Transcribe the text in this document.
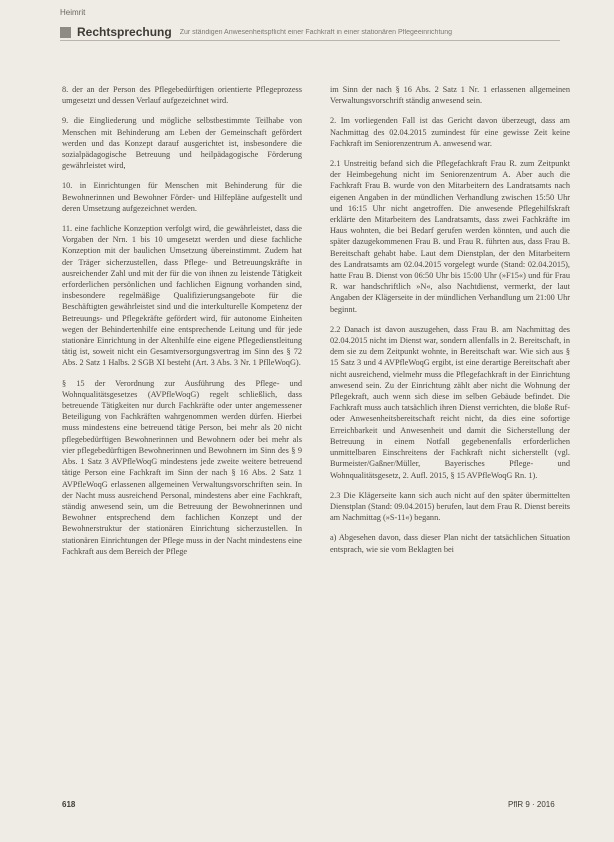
Heimrit
Rechtsprechung Zur ständigen Anwesenheitspflicht einer Fachkraft in einer stationären Pflegeeinrichtung

8. der an der Person des Pflegebedürftigen orientierte Pflegeprozess umgesetzt und dessen Verlauf aufgezeichnet wird.

9. die Eingliederung und mögliche selbstbestimmte Teilhabe von Menschen mit Behinderung am Leben der Gemeinschaft gefördert werden und das Konzept darauf ausgerichtet ist, insbesondere die sozialpädagogische Betreuung und heilpädagogische Förderung gewährleistet wird,

10. in Einrichtungen für Menschen mit Behinderung für die Bewohnerinnen und Bewohner Förder- und Hilfepläne aufgestellt und deren Umsetzung aufgezeichnet werden.

11. eine fachliche Konzeption verfolgt wird, die gewährleistet, dass die Vorgaben der Nrn. 1 bis 10 umgesetzt werden und diese fachliche Konzeption mit der baulichen Umsetzung übereinstimmt. Zudem hat der Träger sicherzustellen, dass Pflege- und Betreuungskräfte in ausreichender Zahl und mit der für die von ihnen zu leistende Tätigkeit erforderlichen persönlichen und fachlichen Eignung vorhanden sind, insbesondere regelmäßige Qualifizierungsangebote für die Beschäftigten gewährleistet sind und die interkulturelle Kompetenz der Betreuungs- und Pflegekräfte gefördert wird, für autonome Einheiten wegen der Behindertenhilfe eine entsprechende Leitung und für jede stationäre Einrichtung in der Altenhilfe eine eigene Pflegedienstleitung tätig ist, soweit nicht ein Gesamtversorgungsvertrag im Sinn des § 72 Abs. 2 Satz 1 Halbs. 2 SGB XI besteht (Art. 3 Abs. 3 Nr. 1 PflleWoqG).

§ 15 der Verordnung zur Ausführung des Pflege- und Wohnqualitätsgesetzes (AVPfleWoqG) regelt schließlich, dass betreuende Tätigkeiten nur durch Fachkräfte oder unter angemessener Beteiligung von Fachkräften wahrgenommen werden dürfen. Hierbei muss mindestens eine betreuend tätige Person, bei mehr als 20 nicht pflegebedürftigen Bewohnerinnen und Bewohnern oder bei mehr als vier pflegebedürftigen Bewohnerinnen und Bewohnern im Sinn des § 9 Abs. 1 Satz 3 AVPfleWoqG mindestens jede zweite weitere betreuend tätige Person eine Fachkraft im Sinn der nach § 16 Abs. 2 Satz 1 AVPfleWoqG erlassenen allgemeinen Verwaltungsvorschriften sein. In der Nacht muss ausreichend Personal, mindestens aber eine Fachkraft, ständig anwesend sein, um die Betreuung der Bewohnerinnen und Bewohner entsprechend dem fachlichen Konzept und der Bewohnerstruktur der stationären Einrichtung sicherzustellen. In stationären Einrichtungen der Pflege muss in der Nacht mindestens eine Fachkraft aus dem Bereich der Pflege

im Sinn der nach § 16 Abs. 2 Satz 1 Nr. 1 erlassenen allgemeinen Verwaltungsvorschrift ständig anwesend sein.

2. Im vorliegenden Fall ist das Gericht davon überzeugt, dass am Nachmittag des 02.04.2015 zumindest für eine gewisse Zeit keine Fachkraft im Seniorenzentrum A. anwesend war.

2.1 Unstreitig befand sich die Pflegefachkraft Frau R. zum Zeitpunkt der Heimbegehung nicht im Seniorenzentrum A. Aber auch die Fachkraft Frau B. wurde von den Mitarbeitern des Landratsamts nach eigenen Angaben in der mündlichen Verhandlung zwischen 15:50 Uhr und 16:15 Uhr nicht angetroffen. Die anwesende Pflegehilfskraft erklärte den Mitarbeitern des Landratsamts, dass zwei Fachkräfte im Haus wohnten, die bei Bedarf gerufen werden könnten, und auch die später dazugekommenen Frau B. und Frau R. führten aus, dass Frau B. Bereitschaft gehabt habe. Laut dem Dienstplan, der den Mitarbeitern des Landratsamts am 02.04.2015 vorgelegt wurde (Stand: 02.04.2015), hatte Frau B. Dienst von 06:50 Uhr bis 15:00 Uhr (»F15«) und für Frau R. war handschriftlich »N«, also Nachtdienst, vermerkt, der laut Angaben der Klägerseite in der mündlichen Verhandlung um 21:00 Uhr beginnt.

2.2 Danach ist davon auszugehen, dass Frau B. am Nachmittag des 02.04.2015 nicht im Dienst war, sondern allenfalls in 2. Bereitschaft, in dem sie zu dem Zeitpunkt wohnte, in Bereitschaft war. Wie sich aus § 15 Satz 3 und 4 AVPfleWoqG ergibt, ist eine derartige Bereitschaft aber nicht ausreichend, vielmehr muss die Pflegefachkraft in der Einrichtung anwesend sein. Zu der Einrichtung zählt aber nicht die Wohnung der Pflegekraft, auch wenn sich diese im selben Gebäude befindet. Die Fachkraft muss auch tatsächlich ihren Dienst verrichten, die bloße Ruf- oder Anwesenheitsbereitschaft reicht nicht, da dies eine sofortige Erreichbarkeit und Anwesenheit und damit die Sicherstellung der Betreuung in einem Notfall gegebenenfalls erforderlichen unmittelbaren Einschreitens der Fachkraft nicht sicherstellt (vgl. Burmeister/Gaßner/Müller, Bayerisches Pflege- und Wohnqualitätsgesetz, 2. Aufl. 2015, § 15 AVPfleWoqG Rn. 1).

2.3 Die Klägerseite kann sich auch nicht auf den später übermittelten Dienstplan (Stand: 09.04.2015) berufen, laut dem Frau R. Dienst bereits am Nachmittag (»S-11«) begann.

a) Abgesehen davon, dass dieser Plan nicht der tatsächlichen Situation entsprach, wie sie vom Beklagten bei

618	PflR 9 · 2016
